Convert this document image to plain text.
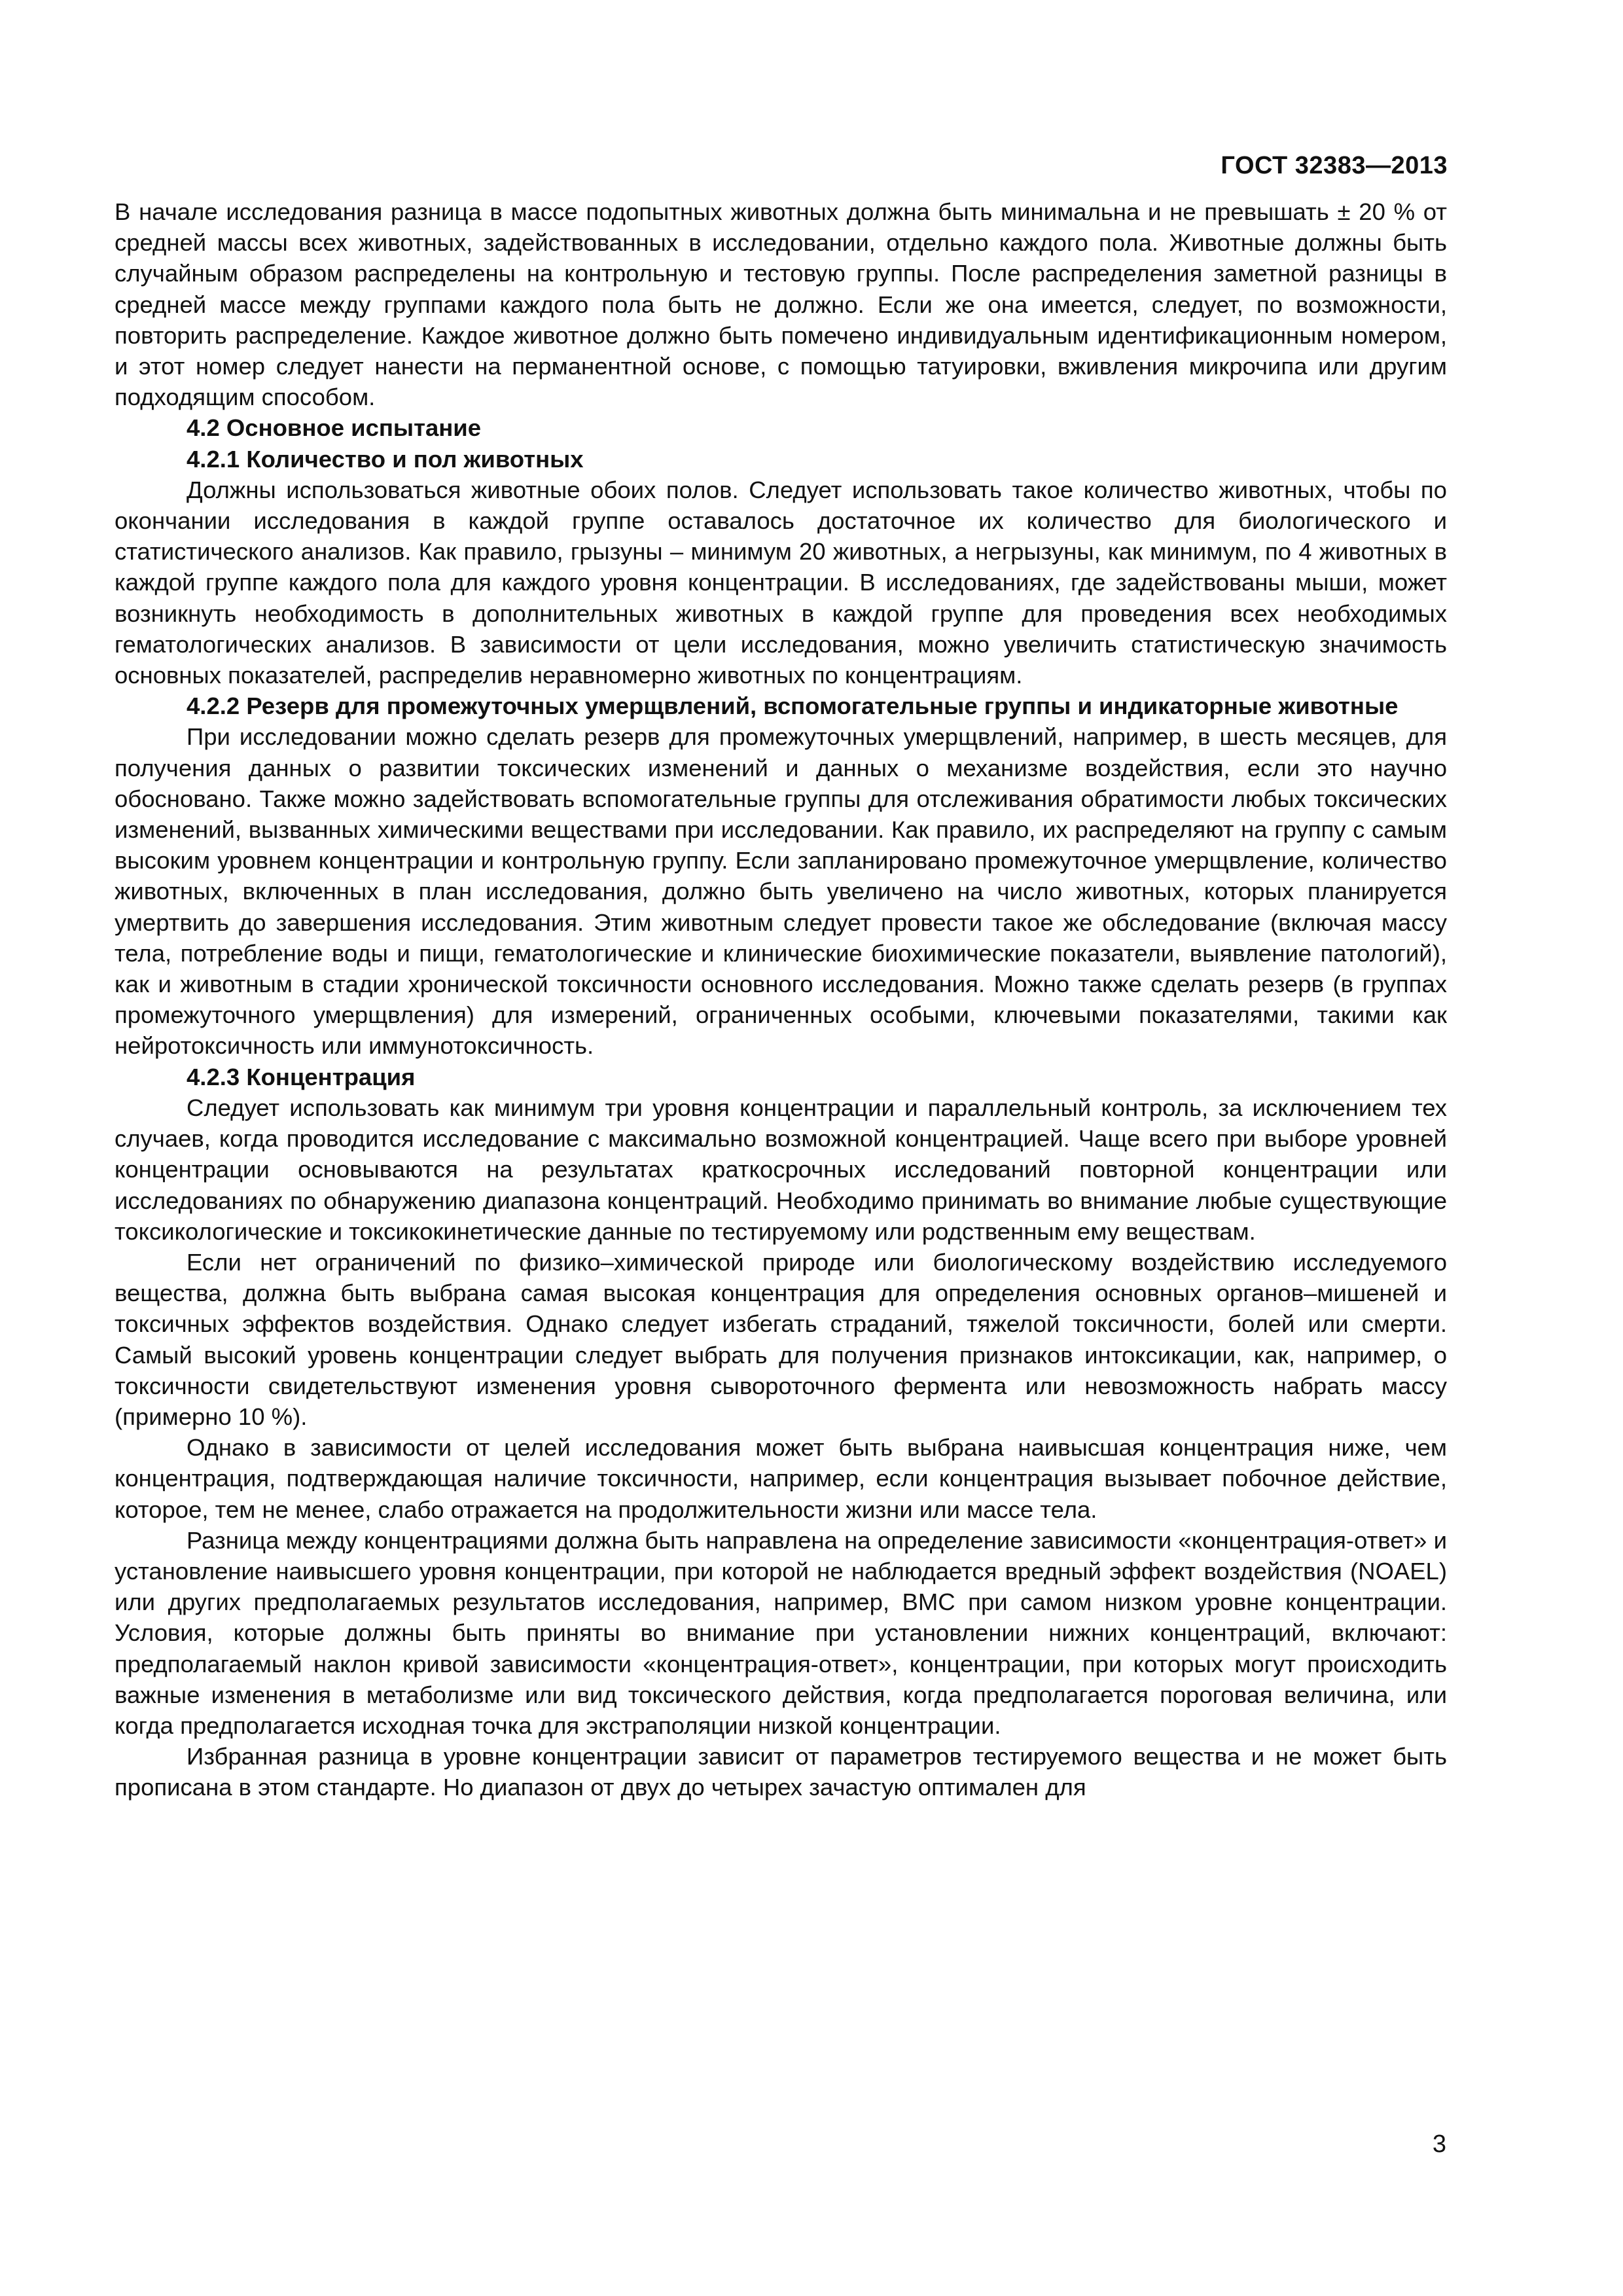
ГОСТ 32383—2013

В начале исследования разница в массе подопытных животных должна быть минимальна и не превышать ± 20 % от средней массы всех животных, задействованных в исследовании, отдельно каждого пола. Животные должны быть случайным образом распределены на контрольную и тестовую группы. После распределения заметной разницы в средней массе между группами каждого пола быть не должно. Если же она имеется, следует, по возможности, повторить распределение. Каждое животное должно быть помечено индивидуальным идентификационным номером, и этот номер следует нанести на перманентной основе, с помощью татуировки, вживления микрочипа или другим подходящим способом.

4.2 Основное испытание
4.2.1 Количество и пол животных

Должны использоваться животные обоих полов. Следует использовать такое количество животных, чтобы по окончании исследования в каждой группе оставалось достаточное их количество для биологического и статистического анализов. Как правило, грызуны – минимум 20 животных, а негрызуны, как минимум, по 4 животных в каждой группе каждого пола для каждого уровня концентрации. В исследованиях, где задействованы мыши, может возникнуть необходимость в дополнительных животных в каждой группе для проведения всех необходимых гематологических анализов. В зависимости от цели исследования, можно увеличить статистическую значимость основных показателей, распределив неравномерно животных по концентрациям.

4.2.2 Резерв для промежуточных умерщвлений, вспомогательные группы и индикаторные животные

При исследовании можно сделать резерв для промежуточных умерщвлений, например, в шесть месяцев, для получения данных о развитии токсических изменений и данных о механизме воздействия, если это научно обосновано. Также можно задействовать вспомогательные группы для отслеживания обратимости любых токсических изменений, вызванных химическими веществами при исследовании. Как правило, их распределяют на группу с самым высоким уровнем концентрации и контрольную группу. Если запланировано промежуточное умерщвление, количество животных, включенных в план исследования, должно быть увеличено на число животных, которых планируется умертвить до завершения исследования. Этим животным следует провести такое же обследование (включая массу тела, потребление воды и пищи, гематологические и клинические биохимические показатели, выявление патологий), как и животным в стадии хронической токсичности основного исследования. Можно также сделать резерв (в группах промежуточного умерщвления) для измерений, ограниченных особыми, ключевыми показателями, такими как нейротоксичность или иммунотоксичность.

4.2.3 Концентрация

Следует использовать как минимум три уровня концентрации и параллельный контроль, за исключением тех случаев, когда проводится исследование с максимально возможной концентрацией. Чаще всего при выборе уровней концентрации основываются на результатах краткосрочных исследований повторной концентрации или исследованиях по обнаружению диапазона концентраций. Необходимо принимать во внимание любые существующие токсикологические и токсикокинетические данные по тестируемому или родственным ему веществам.

Если нет ограничений по физико–химической природе или биологическому воздействию исследуемого вещества, должна быть выбрана самая высокая концентрация для определения основных органов–мишеней и токсичных эффектов воздействия. Однако следует избегать страданий, тяжелой токсичности, болей или смерти. Самый высокий уровень концентрации следует выбрать для получения признаков интоксикации, как, например, о токсичности свидетельствуют изменения уровня сывороточного фермента или невозможность набрать массу (примерно 10 %).

Однако в зависимости от целей исследования может быть выбрана наивысшая концентрация ниже, чем концентрация, подтверждающая наличие токсичности, например, если концентрация вызывает побочное действие, которое, тем не менее, слабо отражается на продолжительности жизни или массе тела.

Разница между концентрациями должна быть направлена на определение зависимости «концентрация-ответ» и установление наивысшего уровня концентрации, при которой не наблюдается вредный эффект воздействия (NOAEL) или других предполагаемых результатов исследования, например, BMC при самом низком уровне концентрации. Условия, которые должны быть приняты во внимание при установлении нижних концентраций, включают: предполагаемый наклон кривой зависимости «концентрация-ответ», концентрации, при которых могут происходить важные изменения в метаболизме или вид токсического действия, когда предполагается пороговая величина, или когда предполагается исходная точка для экстраполяции низкой концентрации.

Избранная разница в уровне концентрации зависит от параметров тестируемого вещества и не может быть прописана в этом стандарте. Но диапазон от двух до четырех зачастую оптимален для

3
